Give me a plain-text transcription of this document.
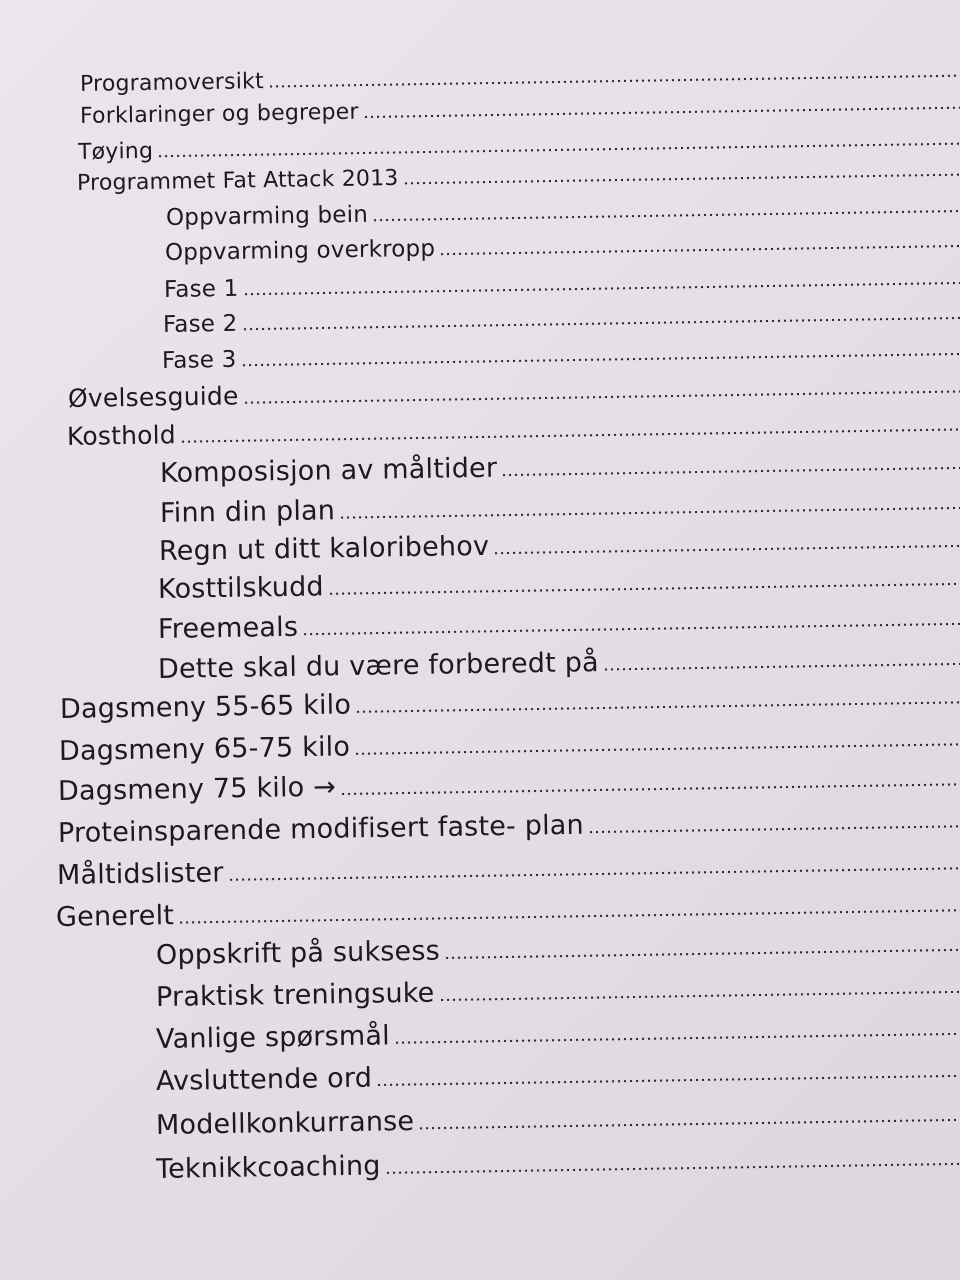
Programoversikt
Forklaringer og begreper
Tøying
Programmet Fat Attack 2013
Oppvarming bein
Oppvarming overkropp
Fase 1
Fase 2
Fase 3
Øvelsesguide
Kosthold
Komposisjon av måltider
Finn din plan
Regn ut ditt kaloribehov
Kosttilskudd
Freemeals
Dette skal du være forberedt på
Dagsmeny 55-65 kilo
Dagsmeny 65-75 kilo
Dagsmeny 75 kilo →
Proteinsparende modifisert faste- plan
Måltidslister
Generelt
Oppskrift på suksess
Praktisk treningsuke
Vanlige spørsmål
Avsluttende ord
Modellkonkurranse
Teknikkcoaching
